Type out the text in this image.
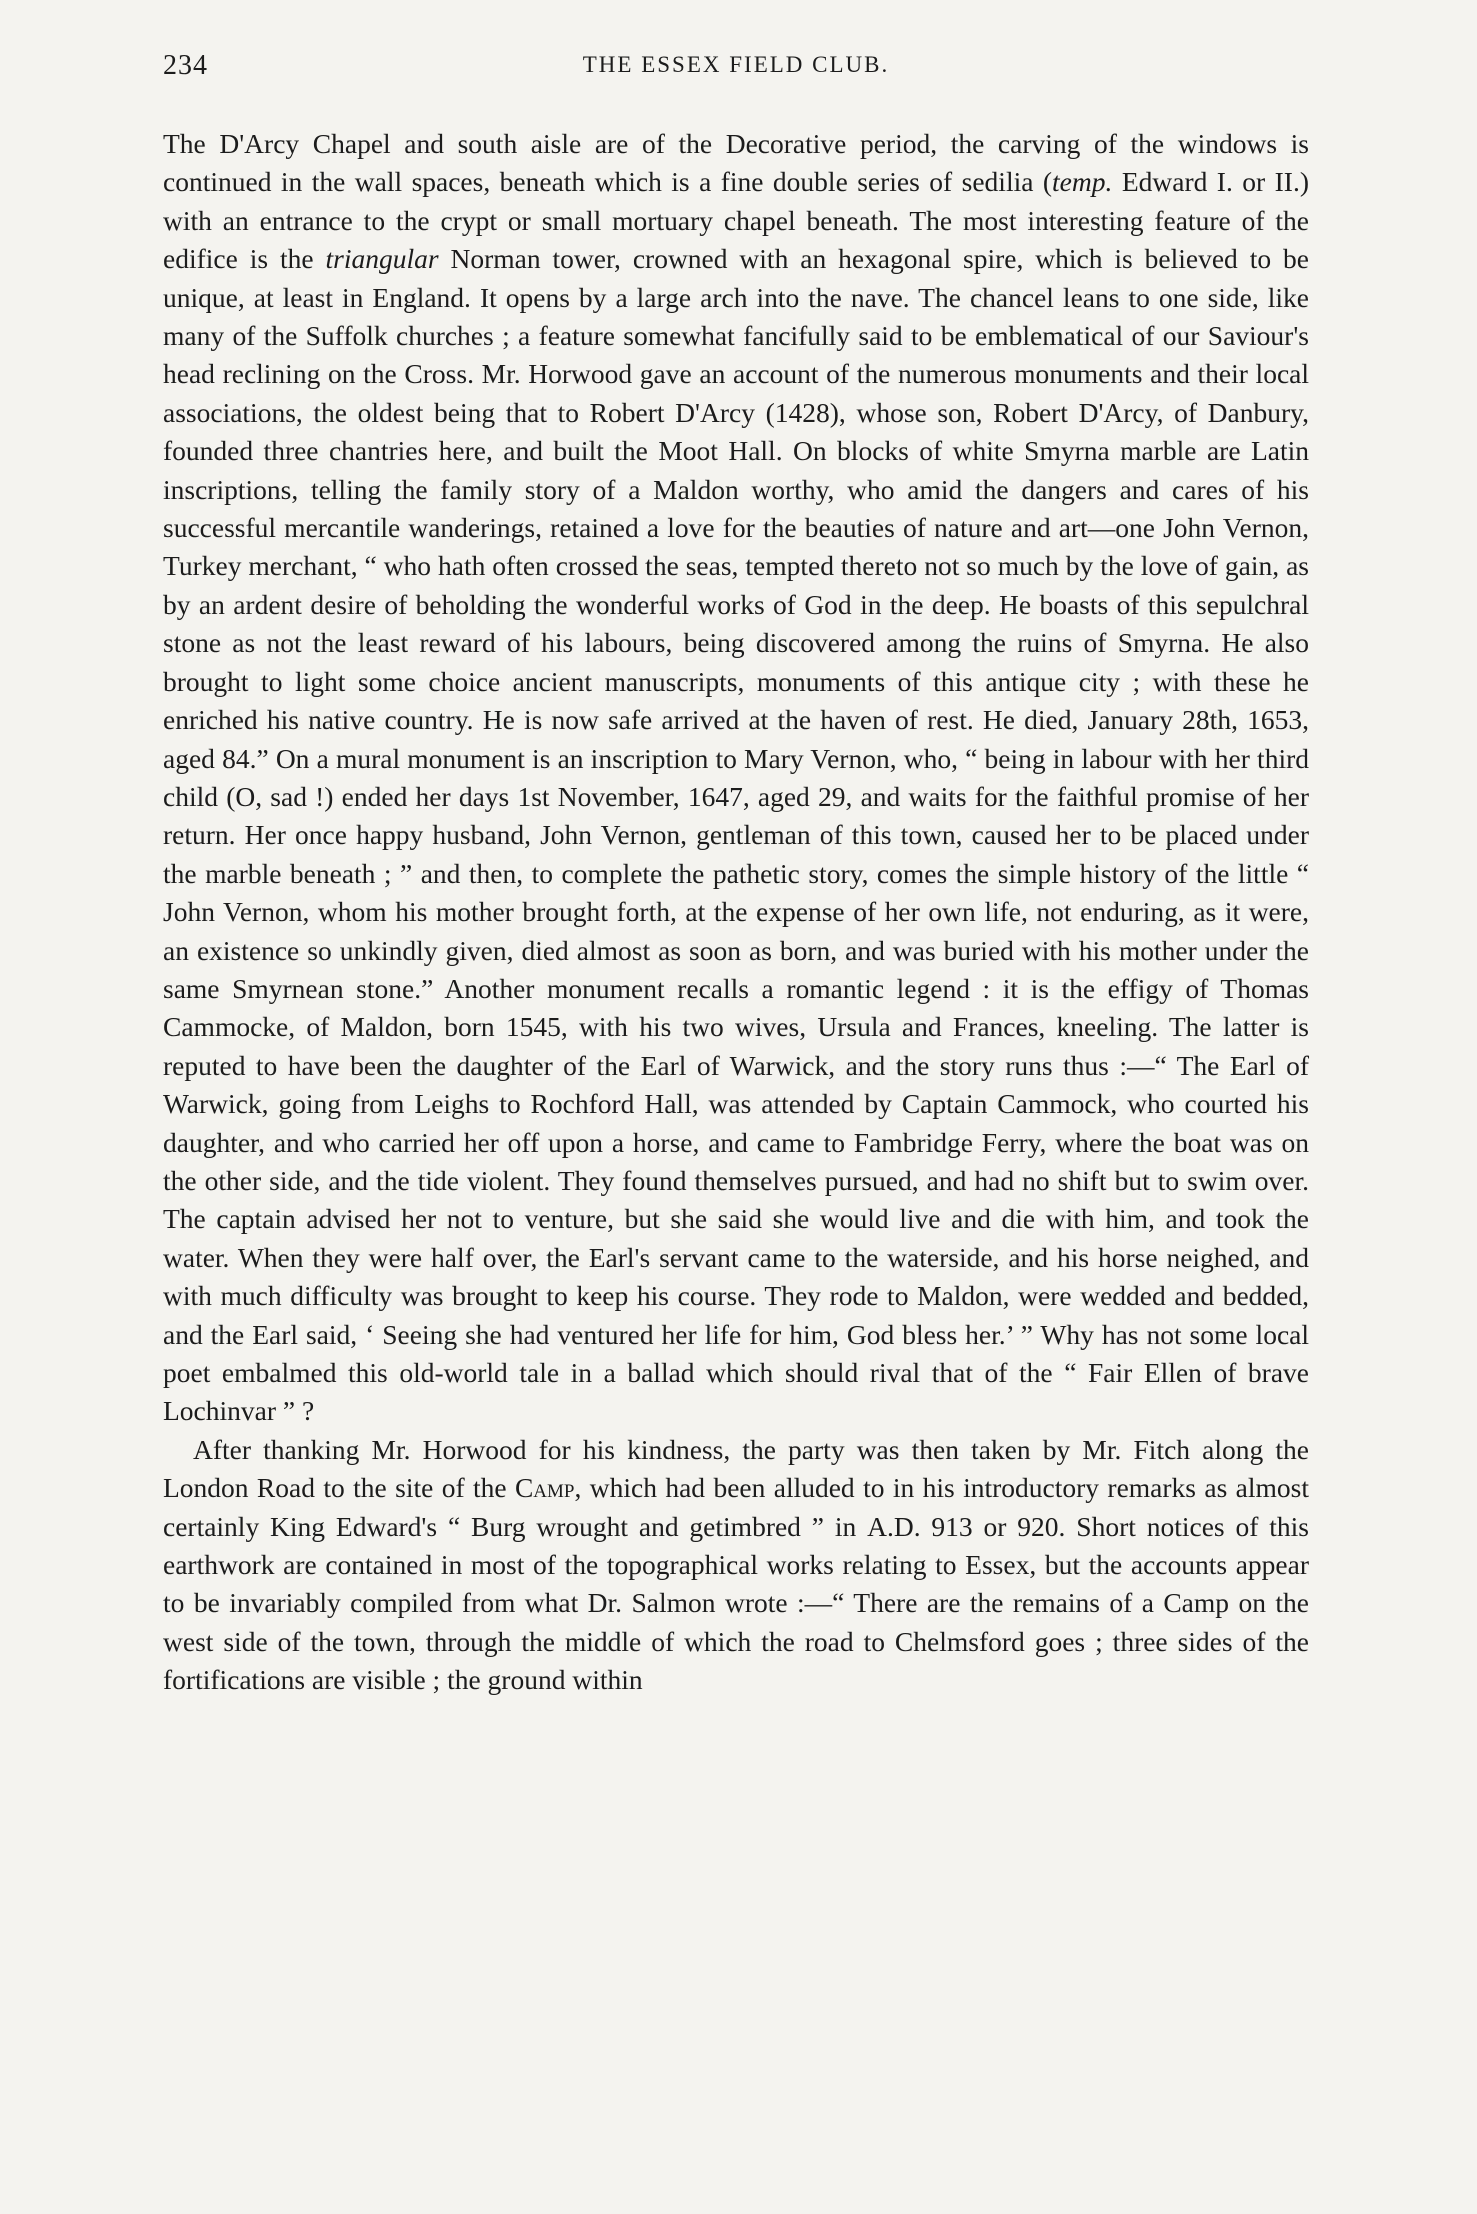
234	THE ESSEX FIELD CLUB.

The D'Arcy Chapel and south aisle are of the Decorative period, the carving of the windows is continued in the wall spaces, beneath which is a fine double series of sedilia (temp. Edward I. or II.) with an entrance to the crypt or small mortuary chapel beneath. The most interesting feature of the edifice is the triangular Norman tower, crowned with an hexagonal spire, which is believed to be unique, at least in England. It opens by a large arch into the nave. The chancel leans to one side, like many of the Suffolk churches ; a feature somewhat fancifully said to be emblematical of our Saviour's head reclining on the Cross. Mr. Horwood gave an account of the numerous monuments and their local associations, the oldest being that to Robert D'Arcy (1428), whose son, Robert D'Arcy, of Danbury, founded three chantries here, and built the Moot Hall. On blocks of white Smyrna marble are Latin inscriptions, telling the family story of a Maldon worthy, who amid the dangers and cares of his successful mercantile wanderings, retained a love for the beauties of nature and art—one John Vernon, Turkey merchant, “ who hath often crossed the seas, tempted thereto not so much by the love of gain, as by an ardent desire of beholding the wonderful works of God in the deep. He boasts of this sepulchral stone as not the least reward of his labours, being discovered among the ruins of Smyrna. He also brought to light some choice ancient manuscripts, monuments of this antique city ; with these he enriched his native country. He is now safe arrived at the haven of rest. He died, January 28th, 1653, aged 84.” On a mural monument is an inscription to Mary Vernon, who, “ being in labour with her third child (O, sad !) ended her days 1st November, 1647, aged 29, and waits for the faithful promise of her return. Her once happy husband, John Vernon, gentleman of this town, caused her to be placed under the marble beneath ; ” and then, to complete the pathetic story, comes the simple history of the little “ John Vernon, whom his mother brought forth, at the expense of her own life, not enduring, as it were, an existence so unkindly given, died almost as soon as born, and was buried with his mother under the same Smyrnean stone.” Another monument recalls a romantic legend : it is the effigy of Thomas Cammocke, of Maldon, born 1545, with his two wives, Ursula and Frances, kneeling. The latter is reputed to have been the daughter of the Earl of Warwick, and the story runs thus :—“ The Earl of Warwick, going from Leighs to Rochford Hall, was attended by Captain Cammock, who courted his daughter, and who carried her off upon a horse, and came to Fambridge Ferry, where the boat was on the other side, and the tide violent. They found themselves pursued, and had no shift but to swim over. The captain advised her not to venture, but she said she would live and die with him, and took the water. When they were half over, the Earl's servant came to the waterside, and his horse neighed, and with much difficulty was brought to keep his course. They rode to Maldon, were wedded and bedded, and the Earl said, ‘ Seeing she had ventured her life for him, God bless her.’ ” Why has not some local poet embalmed this old-world tale in a ballad which should rival that of the “ Fair Ellen of brave Lochinvar ” ?

After thanking Mr. Horwood for his kindness, the party was then taken by Mr. Fitch along the London Road to the site of the Camp, which had been alluded to in his introductory remarks as almost certainly King Edward's “ Burg wrought and getimbred ” in A.D. 913 or 920. Short notices of this earthwork are contained in most of the topographical works relating to Essex, but the accounts appear to be invariably compiled from what Dr. Salmon wrote :—“ There are the remains of a Camp on the west side of the town, through the middle of which the road to Chelmsford goes ; three sides of the fortifications are visible ; the ground within
